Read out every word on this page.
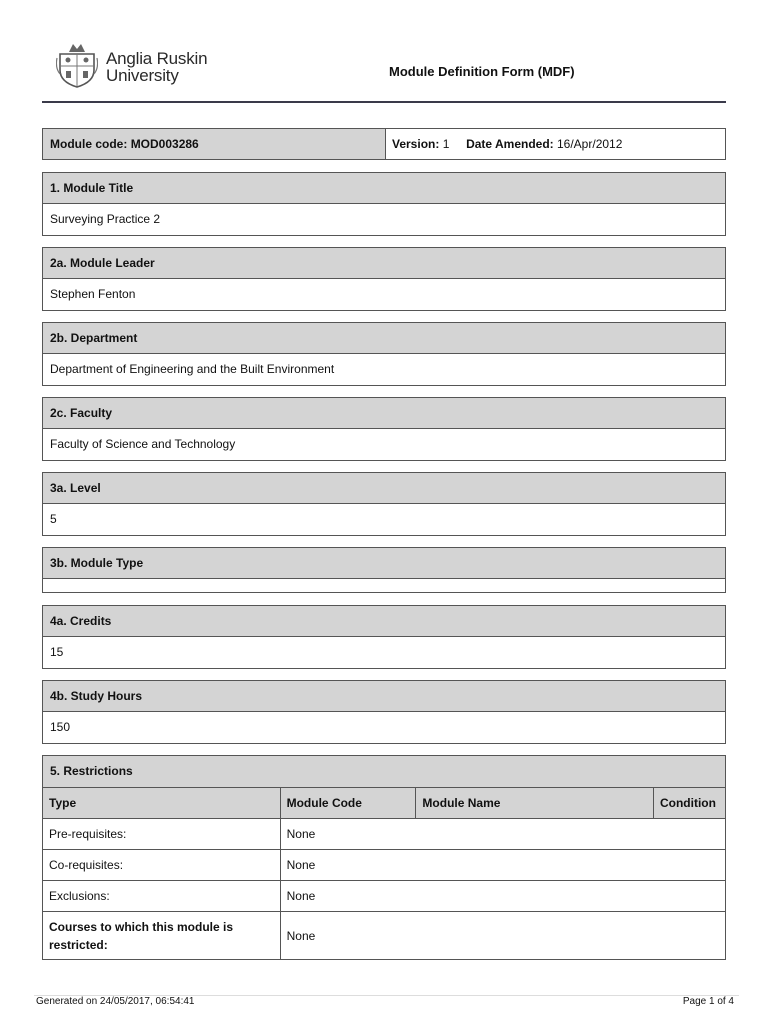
Anglia Ruskin
University	Module Definition Form (MDF)
Module code: MOD003286	Version: 1 Date Amended: 16/Apr/2012
1. Module Title
Surveying Practice 2
2a. Module Leader
Stephen Fenton
2b. Department
Department of Engineering and the Built Environment
2c. Faculty
Faculty of Science and Technology
3a. Level
5
3b. Module Type
4a. Credits
15
4b. Study Hours
150
5. Restrictions
Type	Module Code	Module Name	Condition
Pre-requisites:	None		
Co-requisites:	None		
Exclusions:	None		
Courses to which this module is restricted:	None		
Generated on 24/05/2017, 06:54:41	Page 1 of 4
